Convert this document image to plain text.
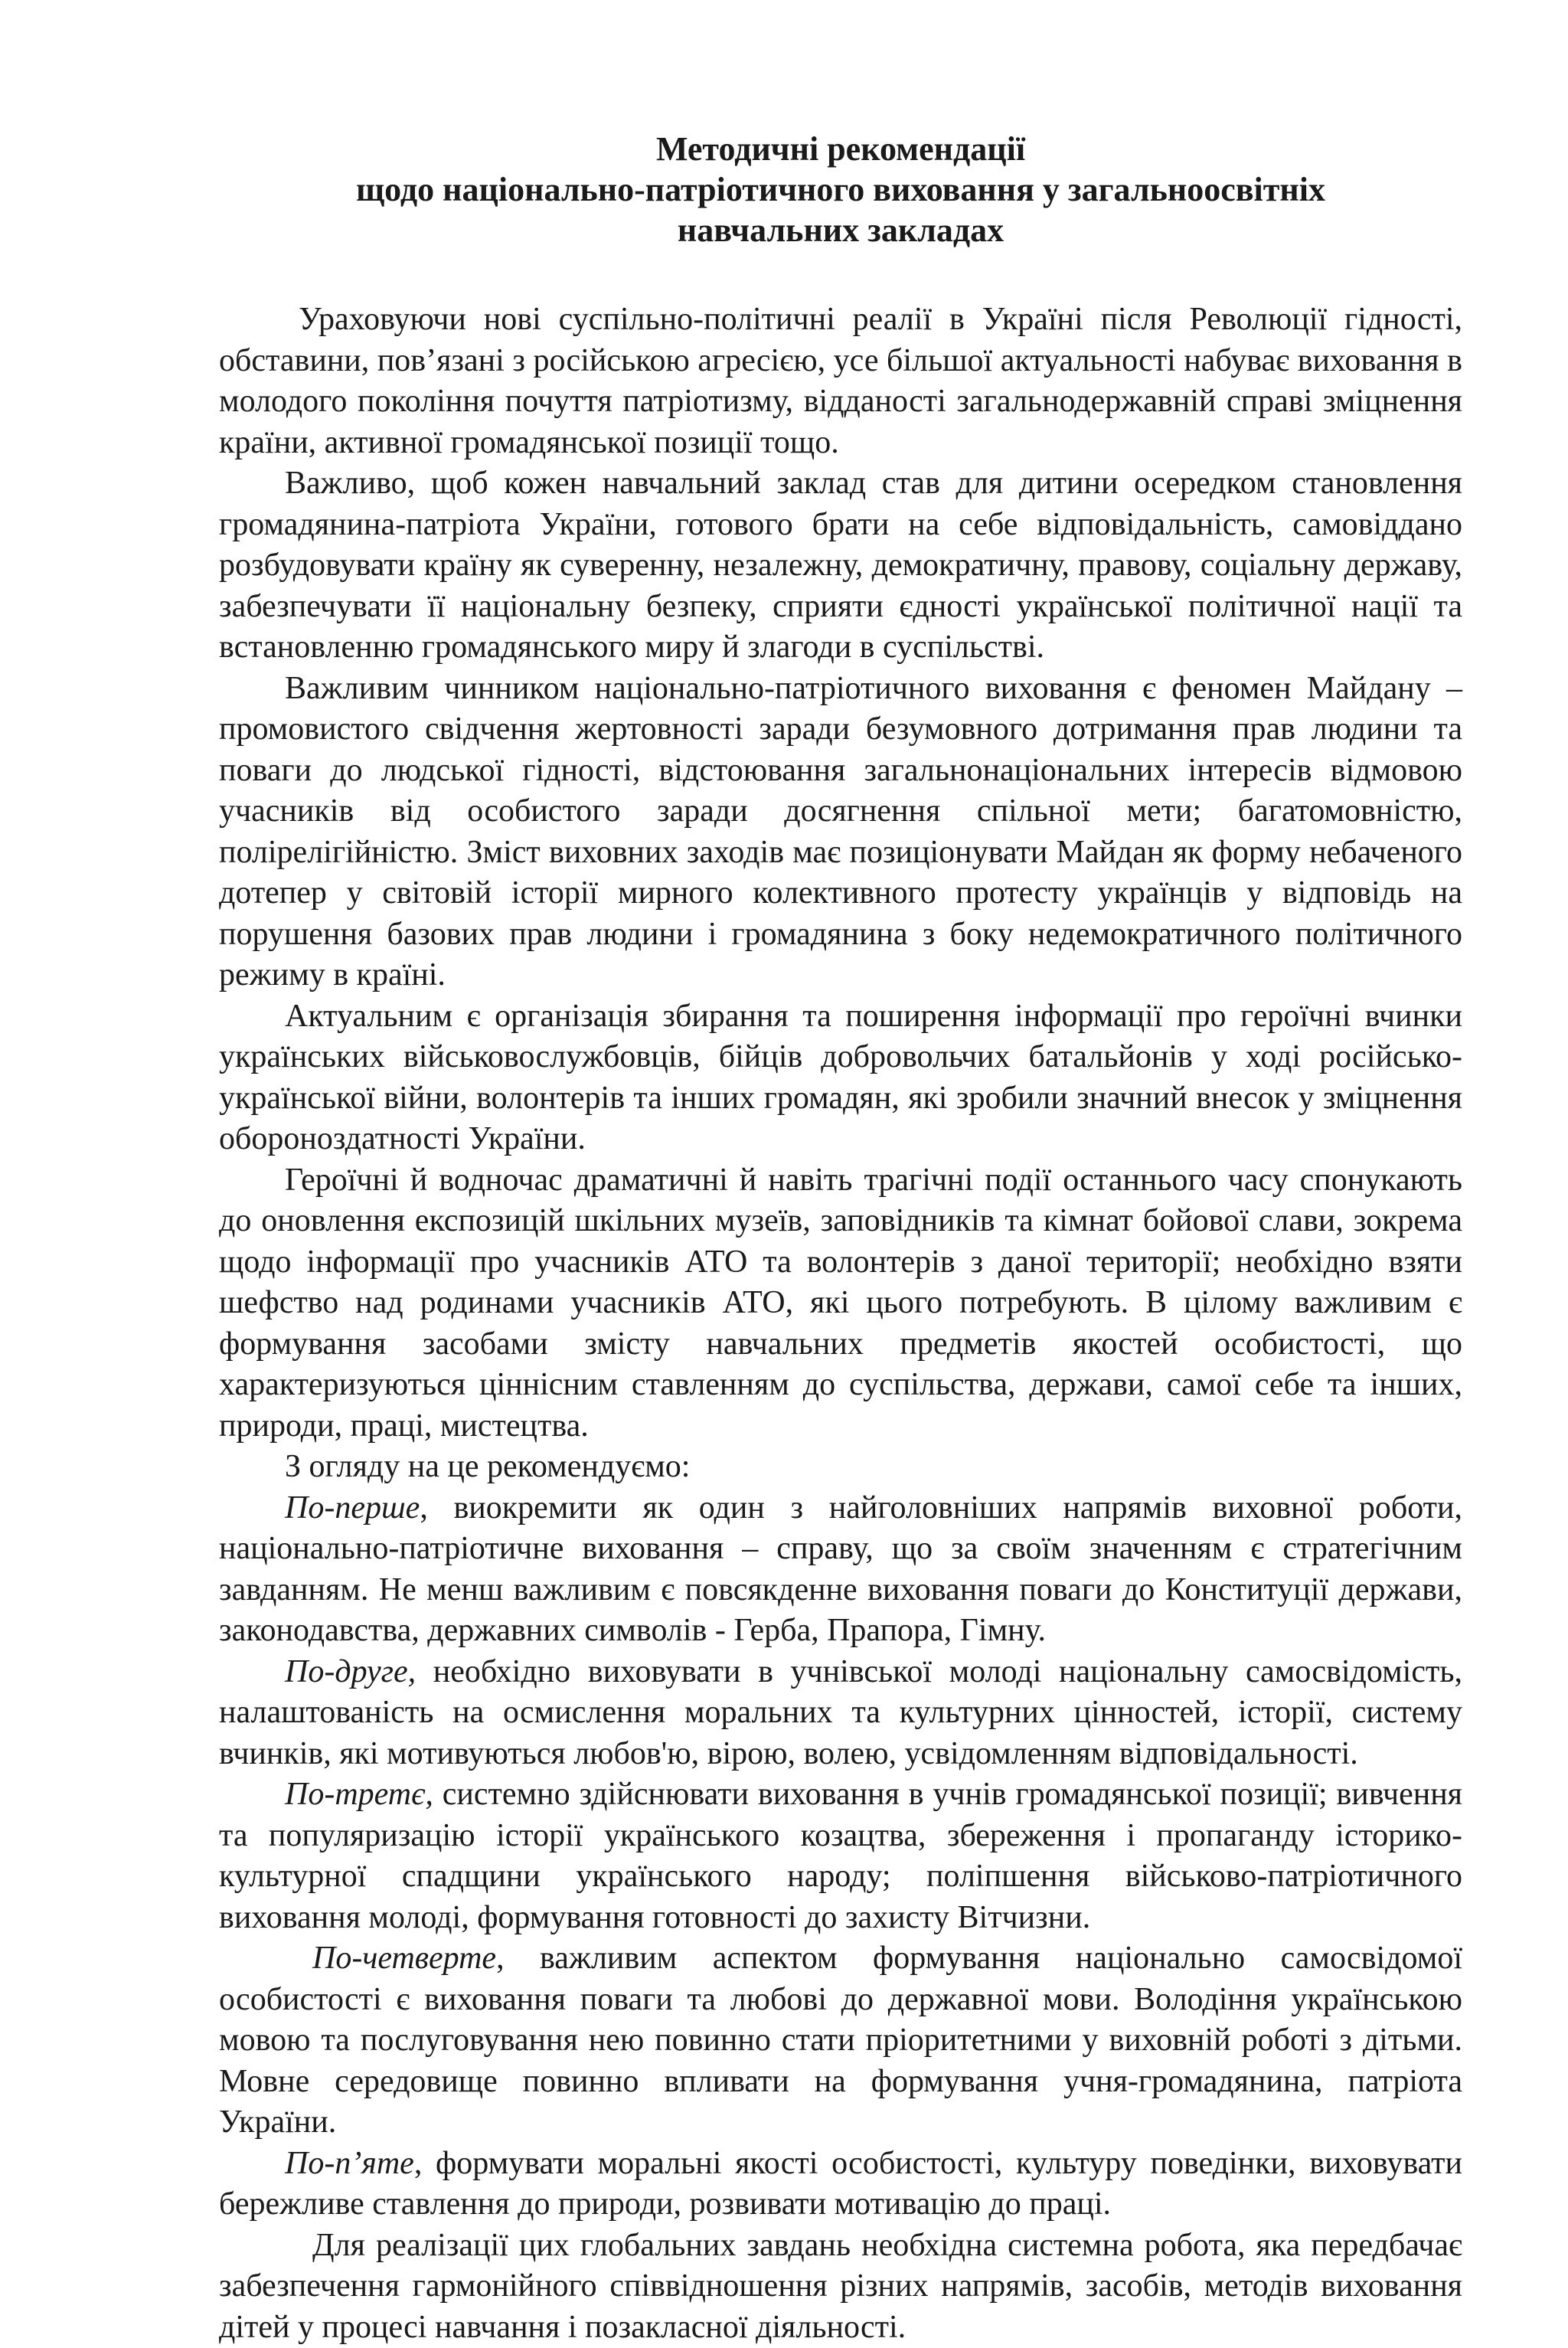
Методичні рекомендації
щодо національно-патріотичного виховання у загальноосвітніх
навчальних закладах

Ураховуючи нові суспільно-політичні реалії в Україні після Революції гідності, обставини, пов’язані з російською агресією, усе більшої актуальності набуває виховання в молодого покоління почуття патріотизму, відданості загальнодержавній справі зміцнення країни, активної громадянської позиції тощо.

Важливо, щоб кожен навчальний заклад став для дитини осередком становлення громадянина-патріота України, готового брати на себе відповідальність, самовіддано розбудовувати країну як суверенну, незалежну, демократичну, правову, соціальну державу, забезпечувати її національну безпеку, сприяти єдності української політичної нації та встановленню громадянського миру й злагоди в суспільстві.

Важливим чинником національно-патріотичного виховання є феномен Майдану – промовистого свідчення жертовності заради безумовного дотримання прав людини та поваги до людської гідності, відстоювання загальнонаціональних інтересів відмовою учасників від особистого заради досягнення спільної мети; багатомовністю, полірелігійністю. Зміст виховних заходів має позиціонувати Майдан як форму небаченого дотепер у світовій історії мирного колективного протесту українців у відповідь на порушення базових прав людини і громадянина з боку недемократичного політичного режиму в країні.

Актуальним є організація збирання та поширення інформації про героїчні вчинки українських військовослужбовців, бійців добровольчих батальйонів у ході російсько-української війни, волонтерів та інших громадян, які зробили значний внесок у зміцнення обороноздатності України.

Героїчні й водночас драматичні й навіть трагічні події останнього часу спонукають до оновлення експозицій шкільних музеїв, заповідників та кімнат бойової слави, зокрема щодо інформації про учасників АТО та волонтерів з даної території; необхідно взяти шефство над родинами учасників АТО, які цього потребують. В цілому важливим є формування засобами змісту навчальних предметів якостей особистості, що характеризуються ціннісним ставленням до суспільства, держави, самої себе та інших, природи, праці, мистецтва.

З огляду на це рекомендуємо:

По-перше, виокремити як один з найголовніших напрямів виховної роботи, національно-патріотичне виховання – справу, що за своїм значенням є стратегічним завданням. Не менш важливим є повсякденне виховання поваги до Конституції держави, законодавства, державних символів - Герба, Прапора, Гімну.

По-друге, необхідно виховувати в учнівської молоді національну самосвідомість, налаштованість на осмислення моральних та культурних цінностей, історії, систему вчинків, які мотивуються любов'ю, вірою, волею, усвідомленням відповідальності.

По-третє, системно здійснювати виховання в учнів громадянської позиції; вивчення та популяризацію історії українського козацтва, збереження і пропаганду історико-культурної спадщини українського народу; поліпшення військово-патріотичного виховання молоді, формування готовності до захисту Вітчизни.

По-четверте, важливим аспектом формування національно самосвідомої особистості є виховання поваги та любові до державної мови. Володіння українською мовою та послуговування нею повинно стати пріоритетними у виховній роботі з дітьми. Мовне середовище повинно впливати на формування учня-громадянина, патріота України.

По-п’яте, формувати моральні якості особистості, культуру поведінки, виховувати бережливе ставлення до природи, розвивати мотивацію до праці.

Для реалізації цих глобальних завдань необхідна системна робота, яка передбачає забезпечення гармонійного співвідношення різних напрямів, засобів, методів виховання дітей у процесі навчання і позакласної діяльності.
